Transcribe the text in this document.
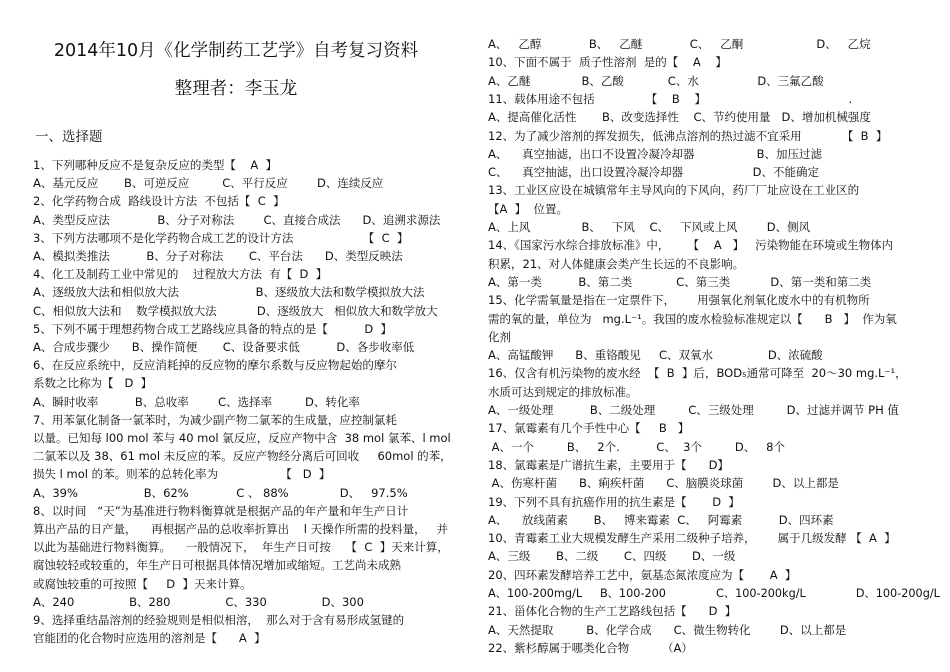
2014年10月《化学制药工艺学》自考复习资料
整理者：李玉龙
一、选择题
1、下列哪种反应不是复杂反应的类型【    A  】
A、基元反应       B、可逆反应         C、平行反应        D、连续反应
2、化学药物合成  路线设计方法  不包括【  C  】
A、类型反应法             B、分子对称法        C、直接合成法      D、追溯求源法
3、下列方法哪项不是化学药物合成工艺的设计方法                   【  C  】
A、模拟类推法          B、分子对称法       C、平台法      D、类型反映法
4、化工及制药工业中常见的    过程放大方法  有【  D  】
A、逐级放大法和相似放大法                     B、逐级放大法和数学模拟放大法
C、相似放大法和    数学模拟放大法           D、逐级放大   相似放大和数学放大
5、下列不属于理想药物合成工艺路线应具备的特点的是【          D  】
A、合成步骤少      B、操作简便       C、设备要求低          D、各步收率低
6、在反应系统中，反应消耗掉的反应物的摩尔系数与反应物起始的摩尔
系数之比称为【   D  】
A、瞬时收率          B、总收率        C、选择率         D、转化率
7、用苯氯化制备一氯苯时，为减少副产物二氯苯的生成量，应控制氯耗
以量。已知每 l00 mol 苯与 40 mol 氯反应，反应产物中含  38 mol 氯苯、l mol
二氯苯以及 38、61 mol 未反应的苯。反应产物经分离后可回收     60mol 的苯，
损失 l mol 的苯。则苯的总转化率为                 【   D  】
A、39%                  B、62%             C 、 88%              D、   97.5%
8、以时间   “天”为基准进行物料衡算就是根据产品的年产量和年生产日计
算出产品的日产量，    再根据产品的总收率折算出    l 天操作所需的投料量，   并
以此为基础进行物料衡算。    一般情况下，  年生产日可按    【  C  】天来计算，
腐蚀较轻或较重的，年生产日可根据具体情况增加或缩短。工艺尚未成熟
或腐蚀较重的可按照【     D  】天来计算。
A、240               B、280               C、330               D、300
9、选择重结晶溶剂的经验规则是相似相溶，  那么对于含有易形成氢键的
官能团的化合物时应选用的溶剂是【      A  】
A、   乙醇             B、   乙醚             C、   乙酮                    D、   乙烷
10、下面不属于  质子性溶剂  是的【    A    】
A、乙醚              B、乙酸            C、水                D、三氟乙酸
11、载体用途不包括              【    B    】                                       .
A、提高催化活性       B、改变选择性    C、节约使用量   D、增加机械强度
12、为了减少溶剂的挥发损失，低沸点溶剂的热过滤不宜采用           【  B  】
A、    真空抽滤，出口不设置冷凝冷却器                 B、加压过滤
C、    真空抽滤，出口设置冷凝冷却器                   D、不能确定
13、工业区应设在城镇常年主导风向的下风向，药厂厂址应设在工业区的
【A  】  位置。
A、上风              B、   下风    C、   下风或上风        D、侧风
14、《国家污水综合排放标准》中，     【    A   】   污染物能在环境或生物体内
积累，21、对人体健康会类产生长远的不良影响。
A、第一类          B、第二类            C、第三类           D、第一类和第二类
15、化学需氧量是指在一定票件下，      用强氧化剂氧化废水中的有机物所
需的氧的量，单位为   mg.L⁻¹。我国的废水检验标准规定以【      B   】  作为氧
化剂
A、高锰酸钾      B、重铬酸见     C、双氧水               D、浓硫酸
16、仅含有机污染物的废水经  【  B  】后，BOD₅通常可降至  20～30 mg.L⁻¹，
水质可达到规定的排放标准。
A、一级处理          B、二级处理         C、三级处理         D、过滤并调节 PH 值
17、氯霉素有几个手性中心【     B   】
A、一个         B、   2个.          C、  3个         D、   8个
18、氯霉素是广谱抗生素，主要用于【      D】
A、伤寒杆菌      B、痢疾杆菌      C、脑膜炎球菌        D、以上都是
19、下列不具有抗癌作用的抗生素是【       D  】
A、    放线菌素       B、   博来霉素  C、   阿霉素          D、四环素
10、青霉素工业大规模发酵生产采用二级种子培养，      属于几级发酵 【  A  】
A、三级       B、二级       C、四级       D、一级
20、四环素发酵培养工艺中，氨基态氮浓度应为【       A  】
A、100-200mg/L     B、100-200              C、100-200kg/L              D、100-200g/L
21、甾体化合物的生产工艺路线包括【      D  】
A、天然提取         B、化学合成      C、微生物转化        D、以上都是
22、紫杉醇属于哪类化合物         （A）
